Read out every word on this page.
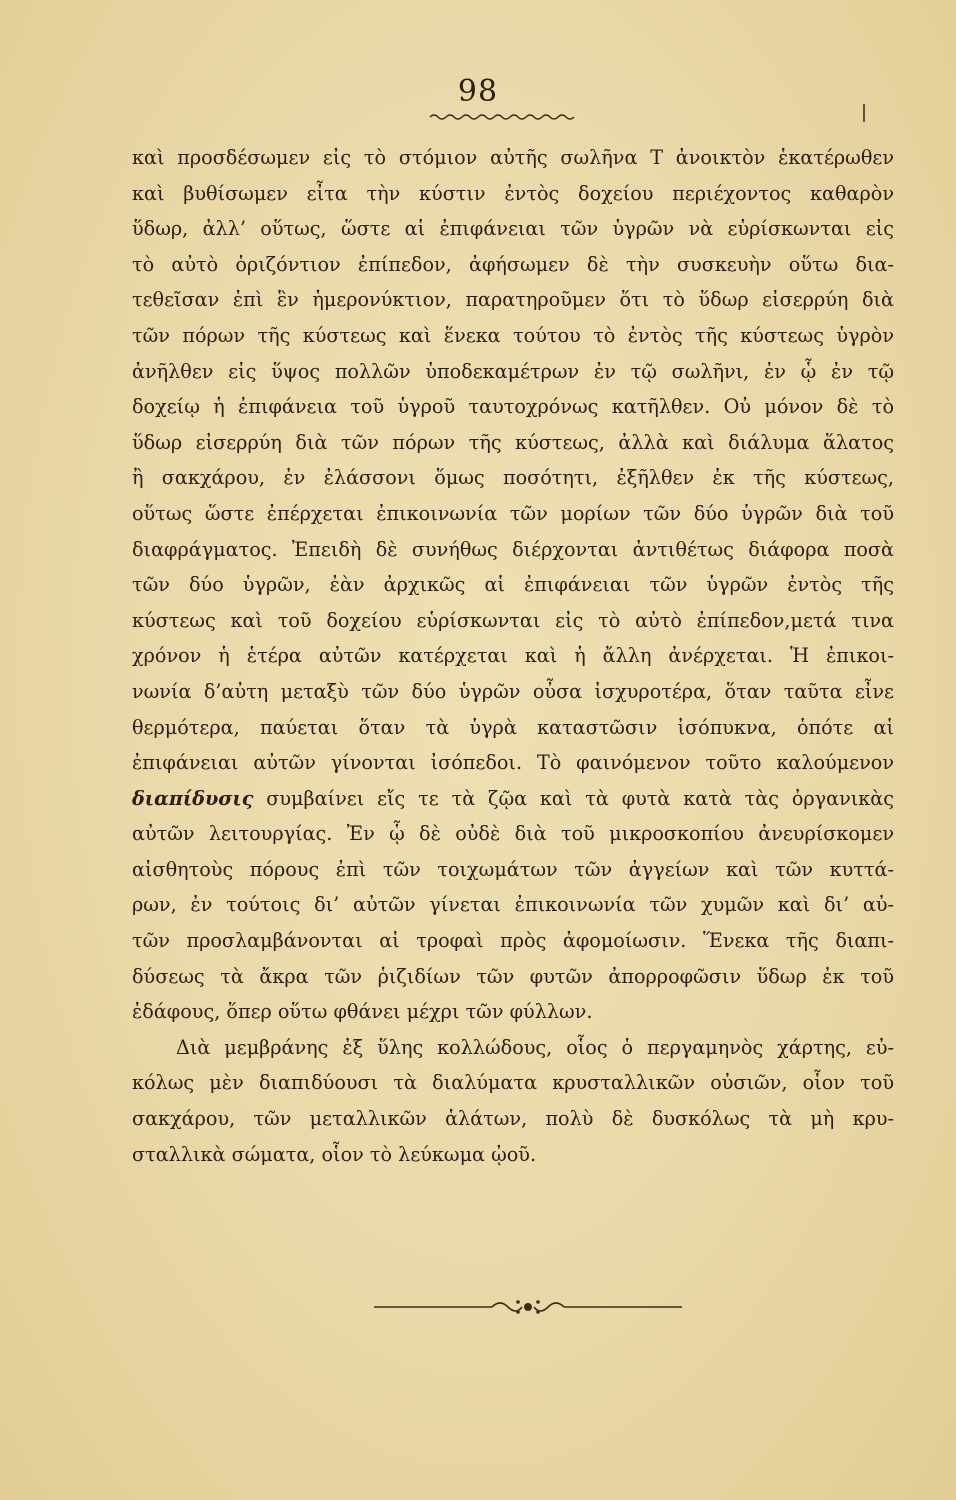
98
καὶ προσδέσωμεν εἰς τὸ στόμιον αὐτῆς σωλῆνα Τ ἀνοικτὸν ἑκατέρωθεν
καὶ βυθίσωμεν εἶτα τὴν κύστιν ἐντὸς δοχείου περιέχοντος καθαρὸν
ὕδωρ, ἀλλ’ οὕτως, ὥστε αἱ ἐπιφάνειαι τῶν ὑγρῶν νὰ εὑρίσκωνται εἰς
τὸ αὐτὸ ὁριζόντιον ἐπίπεδον, ἀφήσωμεν δὲ τὴν συσκευὴν οὕτω δια-
τεθεῖσαν ἐπὶ ἓν ἡμερονύκτιον, παρατηροῦμεν ὅτι τὸ ὕδωρ εἰσερρύη διὰ
τῶν πόρων τῆς κύστεως καὶ ἕνεκα τούτου τὸ ἐντὸς τῆς κύστεως ὑγρὸν
ἀνῆλθεν εἰς ὕψος πολλῶν ὑποδεκαμέτρων ἐν τῷ σωλῆνι, ἐν ᾧ ἐν τῷ
δοχείῳ ἡ ἐπιφάνεια τοῦ ὑγροῦ ταυτοχρόνως κατῆλθεν. Οὐ μόνον δὲ τὸ
ὕδωρ εἰσερρύη διὰ τῶν πόρων τῆς κύστεως, ἀλλὰ καὶ διάλυμα ἅλατος
ἢ σακχάρου, ἐν ἐλάσσονι ὅμως ποσότητι, ἐξῆλθεν ἐκ τῆς κύστεως,
οὕτως ὥστε ἐπέρχεται ἐπικοινωνία τῶν μορίων τῶν δύο ὑγρῶν διὰ τοῦ
διαφράγματος. Ἐπειδὴ δὲ συνήθως διέρχονται ἀντιθέτως διάφορα ποσὰ
τῶν δύο ὑγρῶν, ἐὰν ἀρχικῶς αἱ ἐπιφάνειαι τῶν ὑγρῶν ἐντὸς τῆς
κύστεως καὶ τοῦ δοχείου εὑρίσκωνται εἰς τὸ αὐτὸ ἐπίπεδον,μετά τινα
χρόνον ἡ ἑτέρα αὐτῶν κατέρχεται καὶ ἡ ἄλλη ἀνέρχεται. Ἡ ἐπικοι-
νωνία δ’αὐτη μεταξὺ τῶν δύο ὑγρῶν οὖσα ἰσχυροτέρα, ὅταν ταῦτα εἶνε
θερμότερα, παύεται ὅταν τὰ ὑγρὰ καταστῶσιν ἰσόπυκνα, ὁπότε αἱ
ἐπιφάνειαι αὐτῶν γίνονται ἰσόπεδοι. Τὸ φαινόμενον τοῦτο καλούμενον
διαπίδυσις συμβαίνει εἴς τε τὰ ζῷα καὶ τὰ φυτὰ κατὰ τὰς ὀργανικὰς
αὐτῶν λειτουργίας. Ἐν ᾧ δὲ οὐδὲ διὰ τοῦ μικροσκοπίου ἀνευρίσκομεν
αἰσθητοὺς πόρους ἐπὶ τῶν τοιχωμάτων τῶν ἀγγείων καὶ τῶν κυττά-
ρων, ἐν τούτοις δι’ αὐτῶν γίνεται ἐπικοινωνία τῶν χυμῶν καὶ δι’ αὐ-
τῶν προσλαμβάνονται αἱ τροφαὶ πρὸς ἀφομοίωσιν. Ἕνεκα τῆς διαπι-
δύσεως τὰ ἄκρα τῶν ῥιζιδίων τῶν φυτῶν ἀπορροφῶσιν ὕδωρ ἐκ τοῦ
ἐδάφους, ὅπερ οὕτω φθάνει μέχρι τῶν φύλλων.
Διὰ μεμβράνης ἐξ ὕλης κολλώδους, οἷος ὁ περγαμηνὸς χάρτης, εὐ-
κόλως μὲν διαπιδύουσι τὰ διαλύματα κρυσταλλικῶν οὐσιῶν, οἷον τοῦ
σακχάρου, τῶν μεταλλικῶν ἁλάτων, πολὺ δὲ δυσκόλως τὰ μὴ κρυ-
σταλλικὰ σώματα, οἷον τὸ λεύκωμα ᾠοῦ.
